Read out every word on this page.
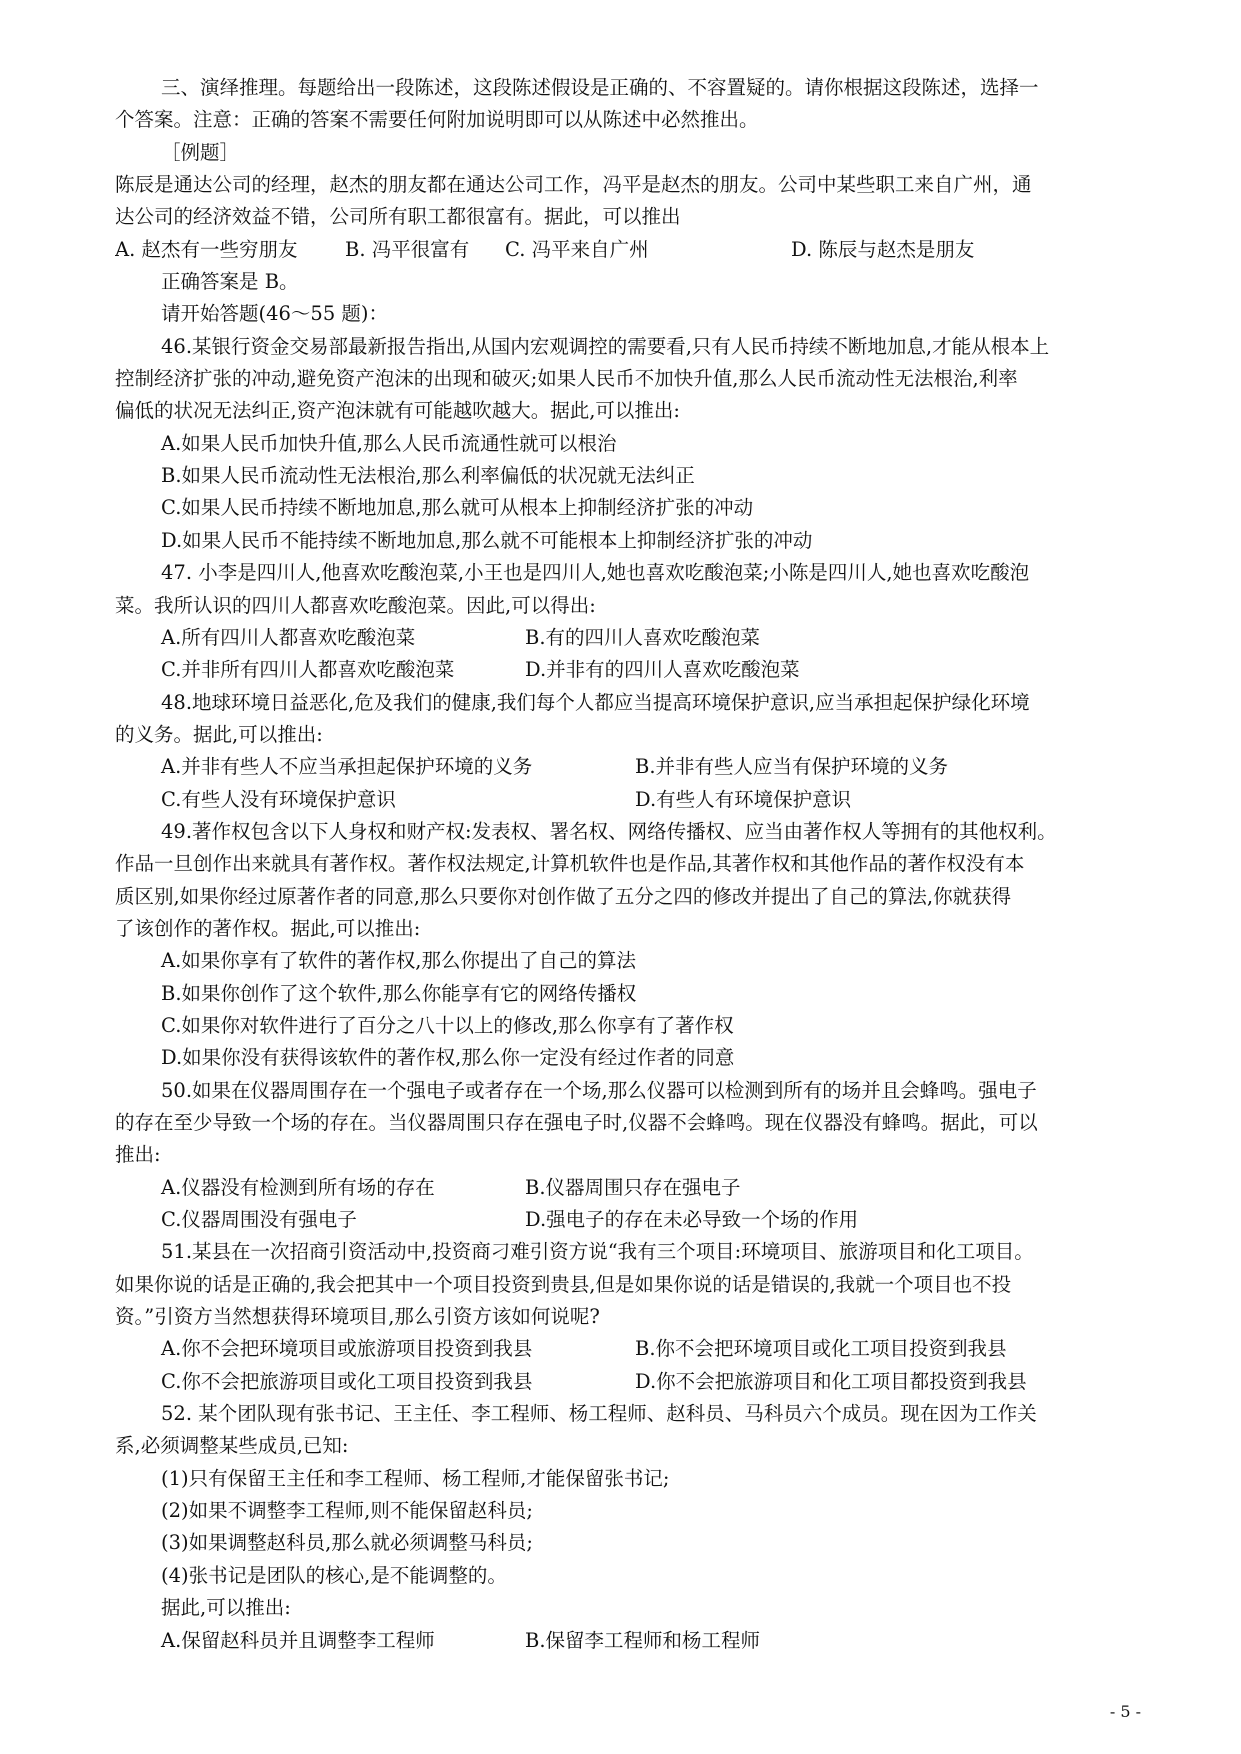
三、演绎推理。每题给出一段陈述，这段陈述假设是正确的、不容置疑的。请你根据这段陈述，选择一
个答案。注意：正确的答案不需要任何附加说明即可以从陈述中必然推出。
［例题］
陈辰是通达公司的经理，赵杰的朋友都在通达公司工作，冯平是赵杰的朋友。公司中某些职工来自广州，通
达公司的经济效益不错，公司所有职工都很富有。据此，可以推出
A. 赵杰有一些穷朋友	B. 冯平很富有	C. 冯平来自广州	D. 陈辰与赵杰是朋友
正确答案是 B。
请开始答题(46～55 题)：
46.某银行资金交易部最新报告指出,从国内宏观调控的需要看,只有人民币持续不断地加息,才能从根本上
控制经济扩张的冲动,避免资产泡沫的出现和破灭;如果人民币不加快升值,那么人民币流动性无法根治,利率
偏低的状况无法纠正,资产泡沫就有可能越吹越大。据此,可以推出:
A.如果人民币加快升值,那么人民币流通性就可以根治
B.如果人民币流动性无法根治,那么利率偏低的状况就无法纠正
C.如果人民币持续不断地加息,那么就可从根本上抑制经济扩张的冲动
D.如果人民币不能持续不断地加息,那么就不可能根本上抑制经济扩张的冲动
47. 小李是四川人,他喜欢吃酸泡菜,小王也是四川人,她也喜欢吃酸泡菜;小陈是四川人,她也喜欢吃酸泡
菜。我所认识的四川人都喜欢吃酸泡菜。因此,可以得出:
A.所有四川人都喜欢吃酸泡菜	B.有的四川人喜欢吃酸泡菜
C.并非所有四川人都喜欢吃酸泡菜	D.并非有的四川人喜欢吃酸泡菜
48.地球环境日益恶化,危及我们的健康,我们每个人都应当提高环境保护意识,应当承担起保护绿化环境
的义务。据此,可以推出:
A.并非有些人不应当承担起保护环境的义务	B.并非有些人应当有保护环境的义务
C.有些人没有环境保护意识	D.有些人有环境保护意识
49.著作权包含以下人身权和财产权:发表权、署名权、网络传播权、应当由著作权人等拥有的其他权利。
作品一旦创作出来就具有著作权。著作权法规定,计算机软件也是作品,其著作权和其他作品的著作权没有本
质区别,如果你经过原著作者的同意,那么只要你对创作做了五分之四的修改并提出了自己的算法,你就获得
了该创作的著作权。据此,可以推出:
A.如果你享有了软件的著作权,那么你提出了自己的算法
B.如果你创作了这个软件,那么你能享有它的网络传播权
C.如果你对软件进行了百分之八十以上的修改,那么你享有了著作权
D.如果你没有获得该软件的著作权,那么你一定没有经过作者的同意
50.如果在仪器周围存在一个强电子或者存在一个场,那么仪器可以检测到所有的场并且会蜂鸣。强电子
的存在至少导致一个场的存在。当仪器周围只存在强电子时,仪器不会蜂鸣。现在仪器没有蜂鸣。据此，可以
推出:
A.仪器没有检测到所有场的存在	B.仪器周围只存在强电子
C.仪器周围没有强电子	D.强电子的存在未必导致一个场的作用
51.某县在一次招商引资活动中,投资商刁难引资方说“我有三个项目:环境项目、旅游项目和化工项目。
如果你说的话是正确的,我会把其中一个项目投资到贵县,但是如果你说的话是错误的,我就一个项目也不投
资。”引资方当然想获得环境项目,那么引资方该如何说呢?
A.你不会把环境项目或旅游项目投资到我县	B.你不会把环境项目或化工项目投资到我县
C.你不会把旅游项目或化工项目投资到我县	D.你不会把旅游项目和化工项目都投资到我县
52. 某个团队现有张书记、王主任、李工程师、杨工程师、赵科员、马科员六个成员。现在因为工作关
系,必须调整某些成员,已知:
(1)只有保留王主任和李工程师、杨工程师,才能保留张书记;
(2)如果不调整李工程师,则不能保留赵科员;
(3)如果调整赵科员,那么就必须调整马科员;
(4)张书记是团队的核心,是不能调整的。
据此,可以推出:
A.保留赵科员并且调整李工程师	B.保留李工程师和杨工程师
- 5 -
